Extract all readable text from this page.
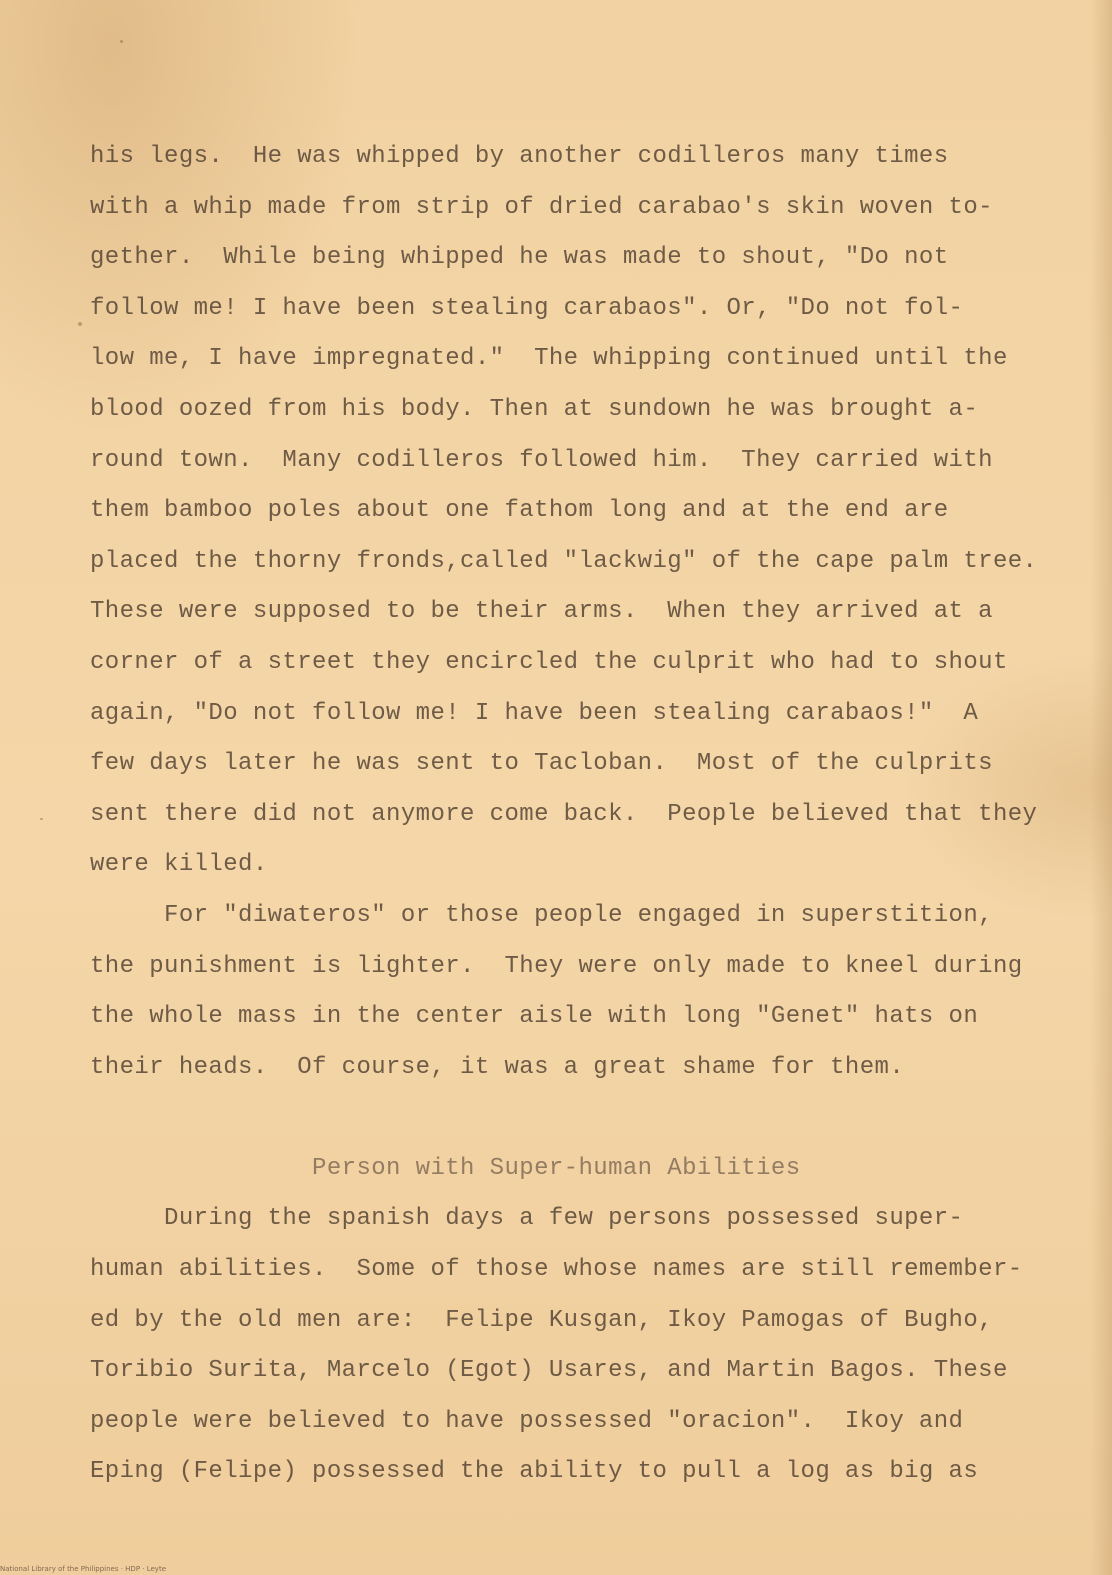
his legs.  He was whipped by another codilleros many times
with a whip made from strip of dried carabao's skin woven to-
gether.  While being whipped he was made to shout, "Do not
follow me! I have been stealing carabaos". Or, "Do not fol-
low me, I have impregnated."  The whipping continued until the
blood oozed from his body. Then at sundown he was brought a-
round town.  Many codilleros followed him.  They carried with
them bamboo poles about one fathom long and at the end are
placed the thorny fronds,called "lackwig" of the cape palm tree.
These were supposed to be their arms.  When they arrived at a
corner of a street they encircled the culprit who had to shout
again, "Do not follow me! I have been stealing carabaos!"  A
few days later he was sent to Tacloban.  Most of the culprits
sent there did not anymore come back.  People believed that they
were killed.
For "diwateros" or those people engaged in superstition,
the punishment is lighter.  They were only made to kneel during
the whole mass in the center aisle with long "Genet" hats on
their heads.  Of course, it was a great shame for them.
Person with Super-human Abilities
During the spanish days a few persons possessed super-
human abilities.  Some of those whose names are still remember-
ed by the old men are:  Felipe Kusgan, Ikoy Pamogas of Bugho,
Toribio Surita, Marcelo (Egot) Usares, and Martin Bagos. These
people were believed to have possessed "oracion".  Ikoy and
Eping (Felipe) possessed the ability to pull a log as big as
National Library of the Philippines · HDP · Leyte
